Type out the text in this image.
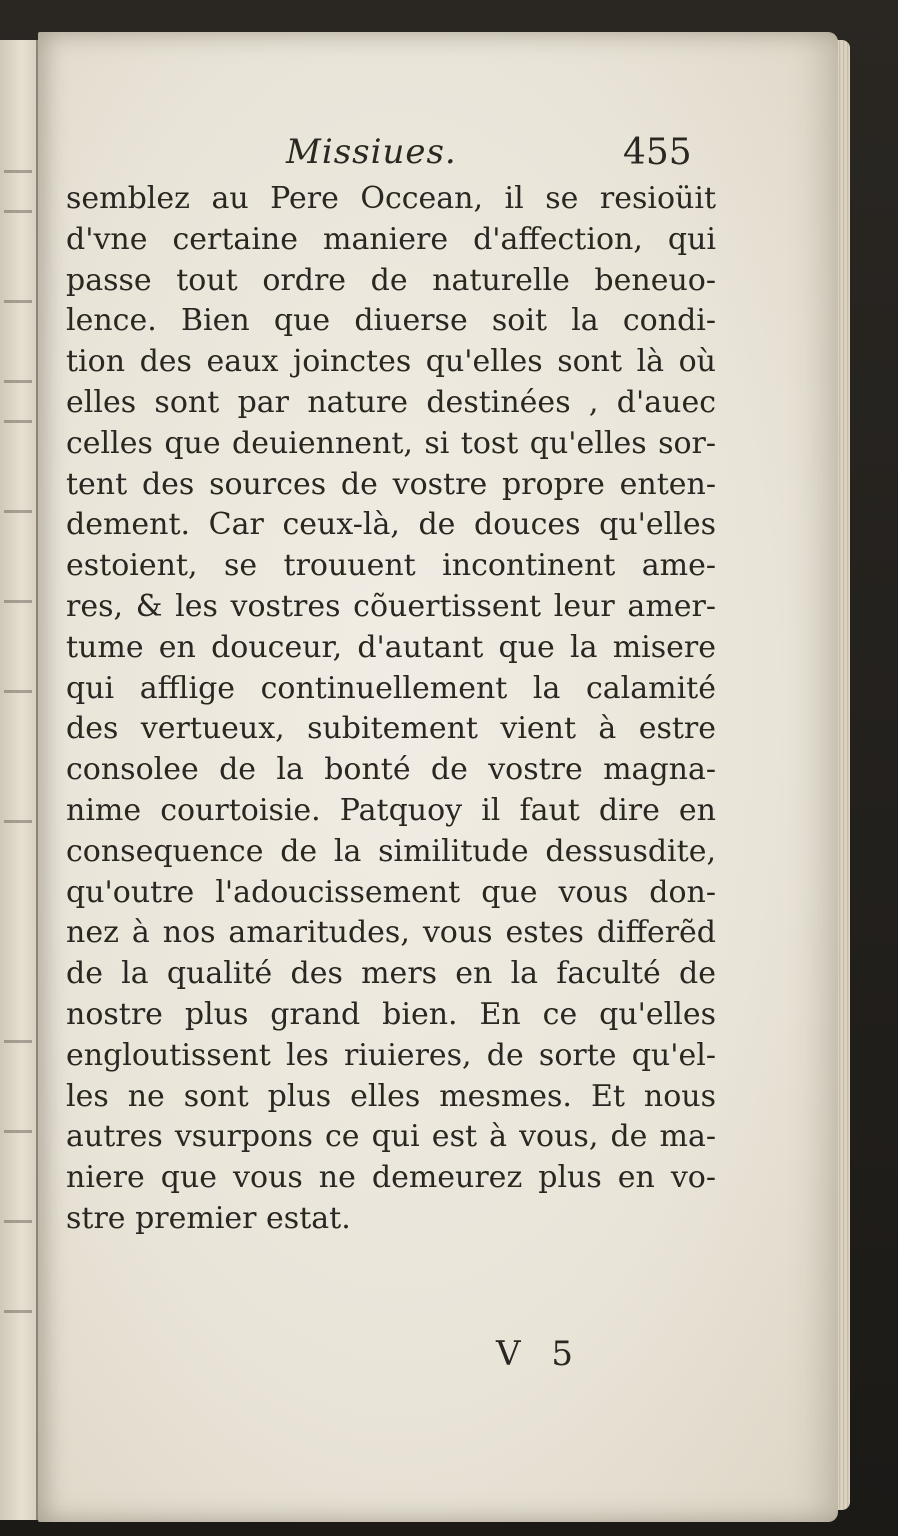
Missiues.	455
semblez au Pere Occean, il se resioüit
d'vne certaine maniere d'affection, qui
passe tout ordre de naturelle beneuo-
lence. Bien que diuerse soit la condi-
tion des eaux joinctes qu'elles sont là où
elles sont par nature destinées , d'auec
celles que deuiennent, si tost qu'elles sor-
tent des sources de vostre propre enten-
dement. Car ceux-là, de douces qu'elles
estoient, se trouuent incontinent ame-
res, & les vostres cõuertissent leur amer-
tume en douceur, d'autant que la misere
qui afflige continuellement la calamité
des vertueux, subitement vient à estre
consolee de la bonté de vostre magna-
nime courtoisie. Patquoy il faut dire en
consequence de la similitude dessusdite,
qu'outre l'adoucissement que vous don-
nez à nos amaritudes, vous estes differẽd
de la qualité des mers en la faculté de
nostre plus grand bien. En ce qu'elles
engloutissent les riuieres, de sorte qu'el-
les ne sont plus elles mesmes. Et nous
autres vsurpons ce qui est à vous, de ma-
niere que vous ne demeurez plus en vo-
stre premier estat.
V 5
